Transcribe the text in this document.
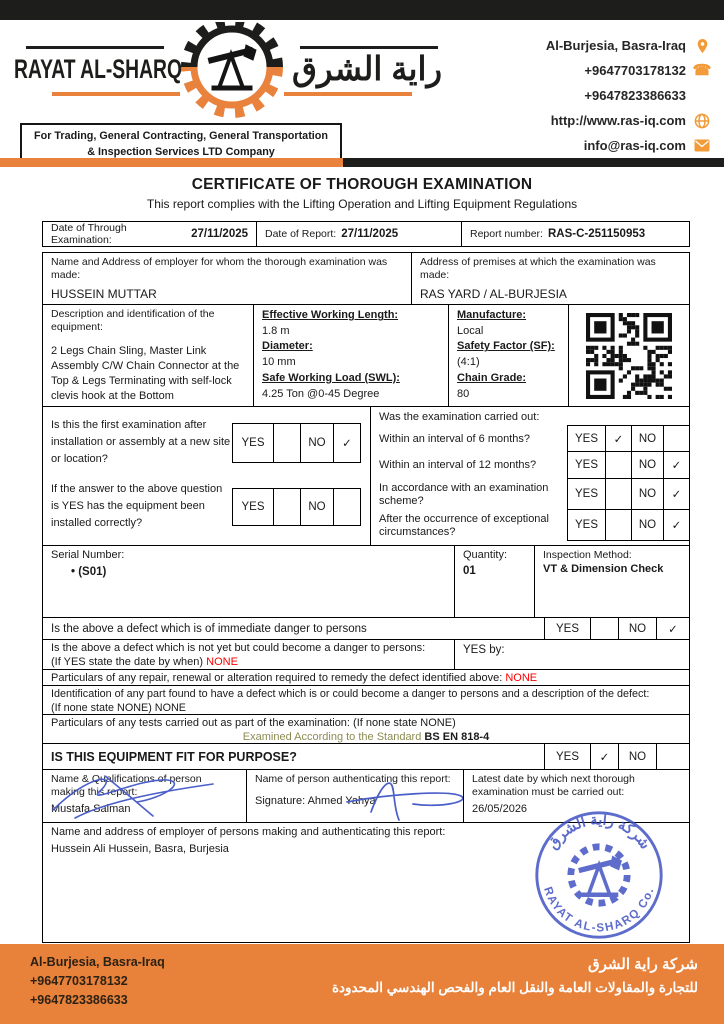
RAYAT AL-SHARQ	راية الشرق
For Trading, General Contracting, General Transportation
& Inspection Services LTD Company
Al-Burjesia, Basra-Iraq
+9647703178132 ☎
+9647823386633
http://www.ras-iq.com
info@ras-iq.com
CERTIFICATE OF THOROUGH EXAMINATION
This report complies with the Lifting Operation and Lifting Equipment Regulations
Date of Through Examination:	27/11/2025 Date of Report: 27/11/2025	Report number: RAS-C-251150953
Name and Address of employer for whom the thorough examination was made:
HUSSEIN MUTTAR
Address of premises at which the examination was made:
RAS YARD / AL-BURJESIA
Description and identification of the equipment:
2 Legs Chain Sling, Master Link Assembly C/W Chain Connector at the Top & Legs Terminating with self-lock clevis hook at the Bottom
Effective Working Length:
1.8 m
Diameter:
10 mm
Safe Working Load (SWL):
4.25 Ton @0-45 Degree
Manufacture:
Local
Safety Factor (SF):
(4:1)
Chain Grade:
80
Is this the first examination after installation or assembly at a new site or location?
YES	NO	✓
If the answer to the above question is YES has the equipment been installed correctly?
YES	NO
Was the examination carried out:
Within an interval of 6 months?	YES	✓	NO
Within an interval of 12 months?	YES	NO	✓
In accordance with an examination scheme?
YES	NO	✓
After the occurrence of exceptional circumstances?
YES	NO	✓
Serial Number:
• (S01)
Quantity:
01
Inspection Method:
VT & Dimension Check
Is the above a defect which is of immediate danger to persons	YES	NO	✓
Is the above a defect which is not yet but could become a danger to persons:
(If YES state the date by when) NONE
YES by:
Particulars of any repair, renewal or alteration required to remedy the defect identified above: NONE
Identification of any part found to have a defect which is or could become a danger to persons and a description of the defect:
(If none state NONE) NONE
Particulars of any tests carried out as part of the examination: (If none state NONE)
Examined According to the Standard BS EN 818-4
IS THIS EQUIPMENT FIT FOR PURPOSE?	YES	✓	NO
Name & Qualifications of person making this report:
Mustafa Salman
Name of person authenticating this report:
Signature: Ahmed Yahya
Latest date by which next thorough examination must be carried out:
26/05/2026
Name and address of employer of persons making and authenticating this report:
Hussein Ali Hussein, Basra, Burjesia	شركة راية الشرق
RAYAT AL-SHARQ Co.
Al-Burjesia, Basra-Iraq
+9647703178132
+9647823386633
شركة راية الشرق
للتجارة والمقاولات العامة والنقل العام والفحص الهندسي المحدودة
